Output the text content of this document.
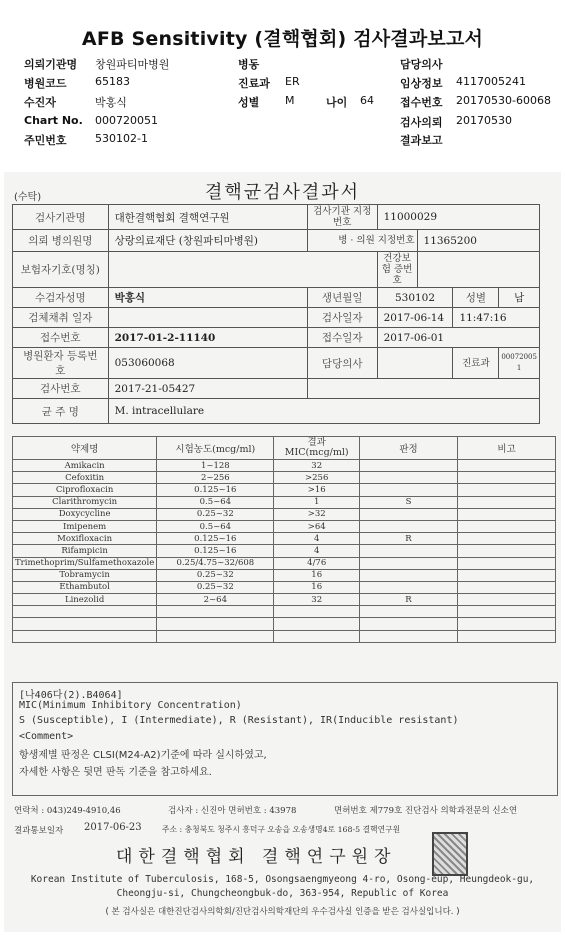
AFB Sensitivity (결핵협회) 검사결과보고서
의뢰기관명 창원파티마병원	병동	담당의사
병원코드	65183	진료과 ER	임상정보 4117005241
수진자	박홍식	성별 M	나이 64 접수번호 20170530-60068
Chart No. 000720051	검사의뢰 20170530
주민번호	530102-1	결과보고
(수탁)	결핵균검사결과서
검사기관명	대한결핵협회 결핵연구원	검사기관 지정번호	11000029			
의뢰 병의원명	상랑의료재단 (창원파티마병원)	병 · 의원 지정번호		11365200		
보험자기호(명칭)			건강보험 증번호			
수검자성명	박홍식	생년월일	530102		성별	남
검체채취 일자		검사일자	2017-06-14		11:47:16	
접수번호	2017-01-2-11140	접수일자	2017-06-01			
병원환자 등록번호	053060068	담당의사			진료과	00072005 1
검사번호	2017-21-05427					
균 주 명	M. intracellulare					
약제명	시험농도(mcg/ml)	결과 MIC(mcg/ml)	판정	비고
Amikacin	1~128	32		
Cefoxitin	2~256	>256		
Ciprofloxacin	0.125~16	>16		
Clarithromycin	0.5~64	1	S	
Doxycycline	0.25~32	>32		
Imipenem	0.5~64	>64		
Moxifloxacin	0.125~16	4	R	
Rifampicin	0.125~16	4		
Trimethoprim/Sulfamethoxazole	0.25/4.75~32/608	4/76		
Tobramycin	0.25~32	16		
Ethambutol	0.25~32	16		
Linezolid	2~64	32	R	

[나406다(2).B4064]
MIC(Minimum Inhibitory Concentration)
S (Susceptible), I (Intermediate), R (Resistant), IR(Inducible resistant)
<Comment>
항생제별 판정은 CLSI(M24-A2)기준에 따라 실시하였고,
자세한 사항은 뒷면 판독 기준을 참고하세요.
연락처 : 043)249-4910,46	검사자 : 신진아 면허번호 : 43978	면허번호 제779호 진단검사 의학과전문의 신소연
결과통보일자 2017-06-23	주소 : 충청북도 청주시 흥덕구 오송읍 오송생명4로 168-5 결핵연구원
대한결핵협회 결핵연구원장
Korean Institute of Tuberculosis, 168-5, Osongsaengmyeong 4-ro, Osong-eup, Heungdeok-gu,
Cheongju-si, Chungcheongbuk-do, 363-954, Republic of Korea
( 본 검사실은 대한진단검사의학회/진단검사의학재단의 우수검사실 인증을 받은 검사실입니다. )
